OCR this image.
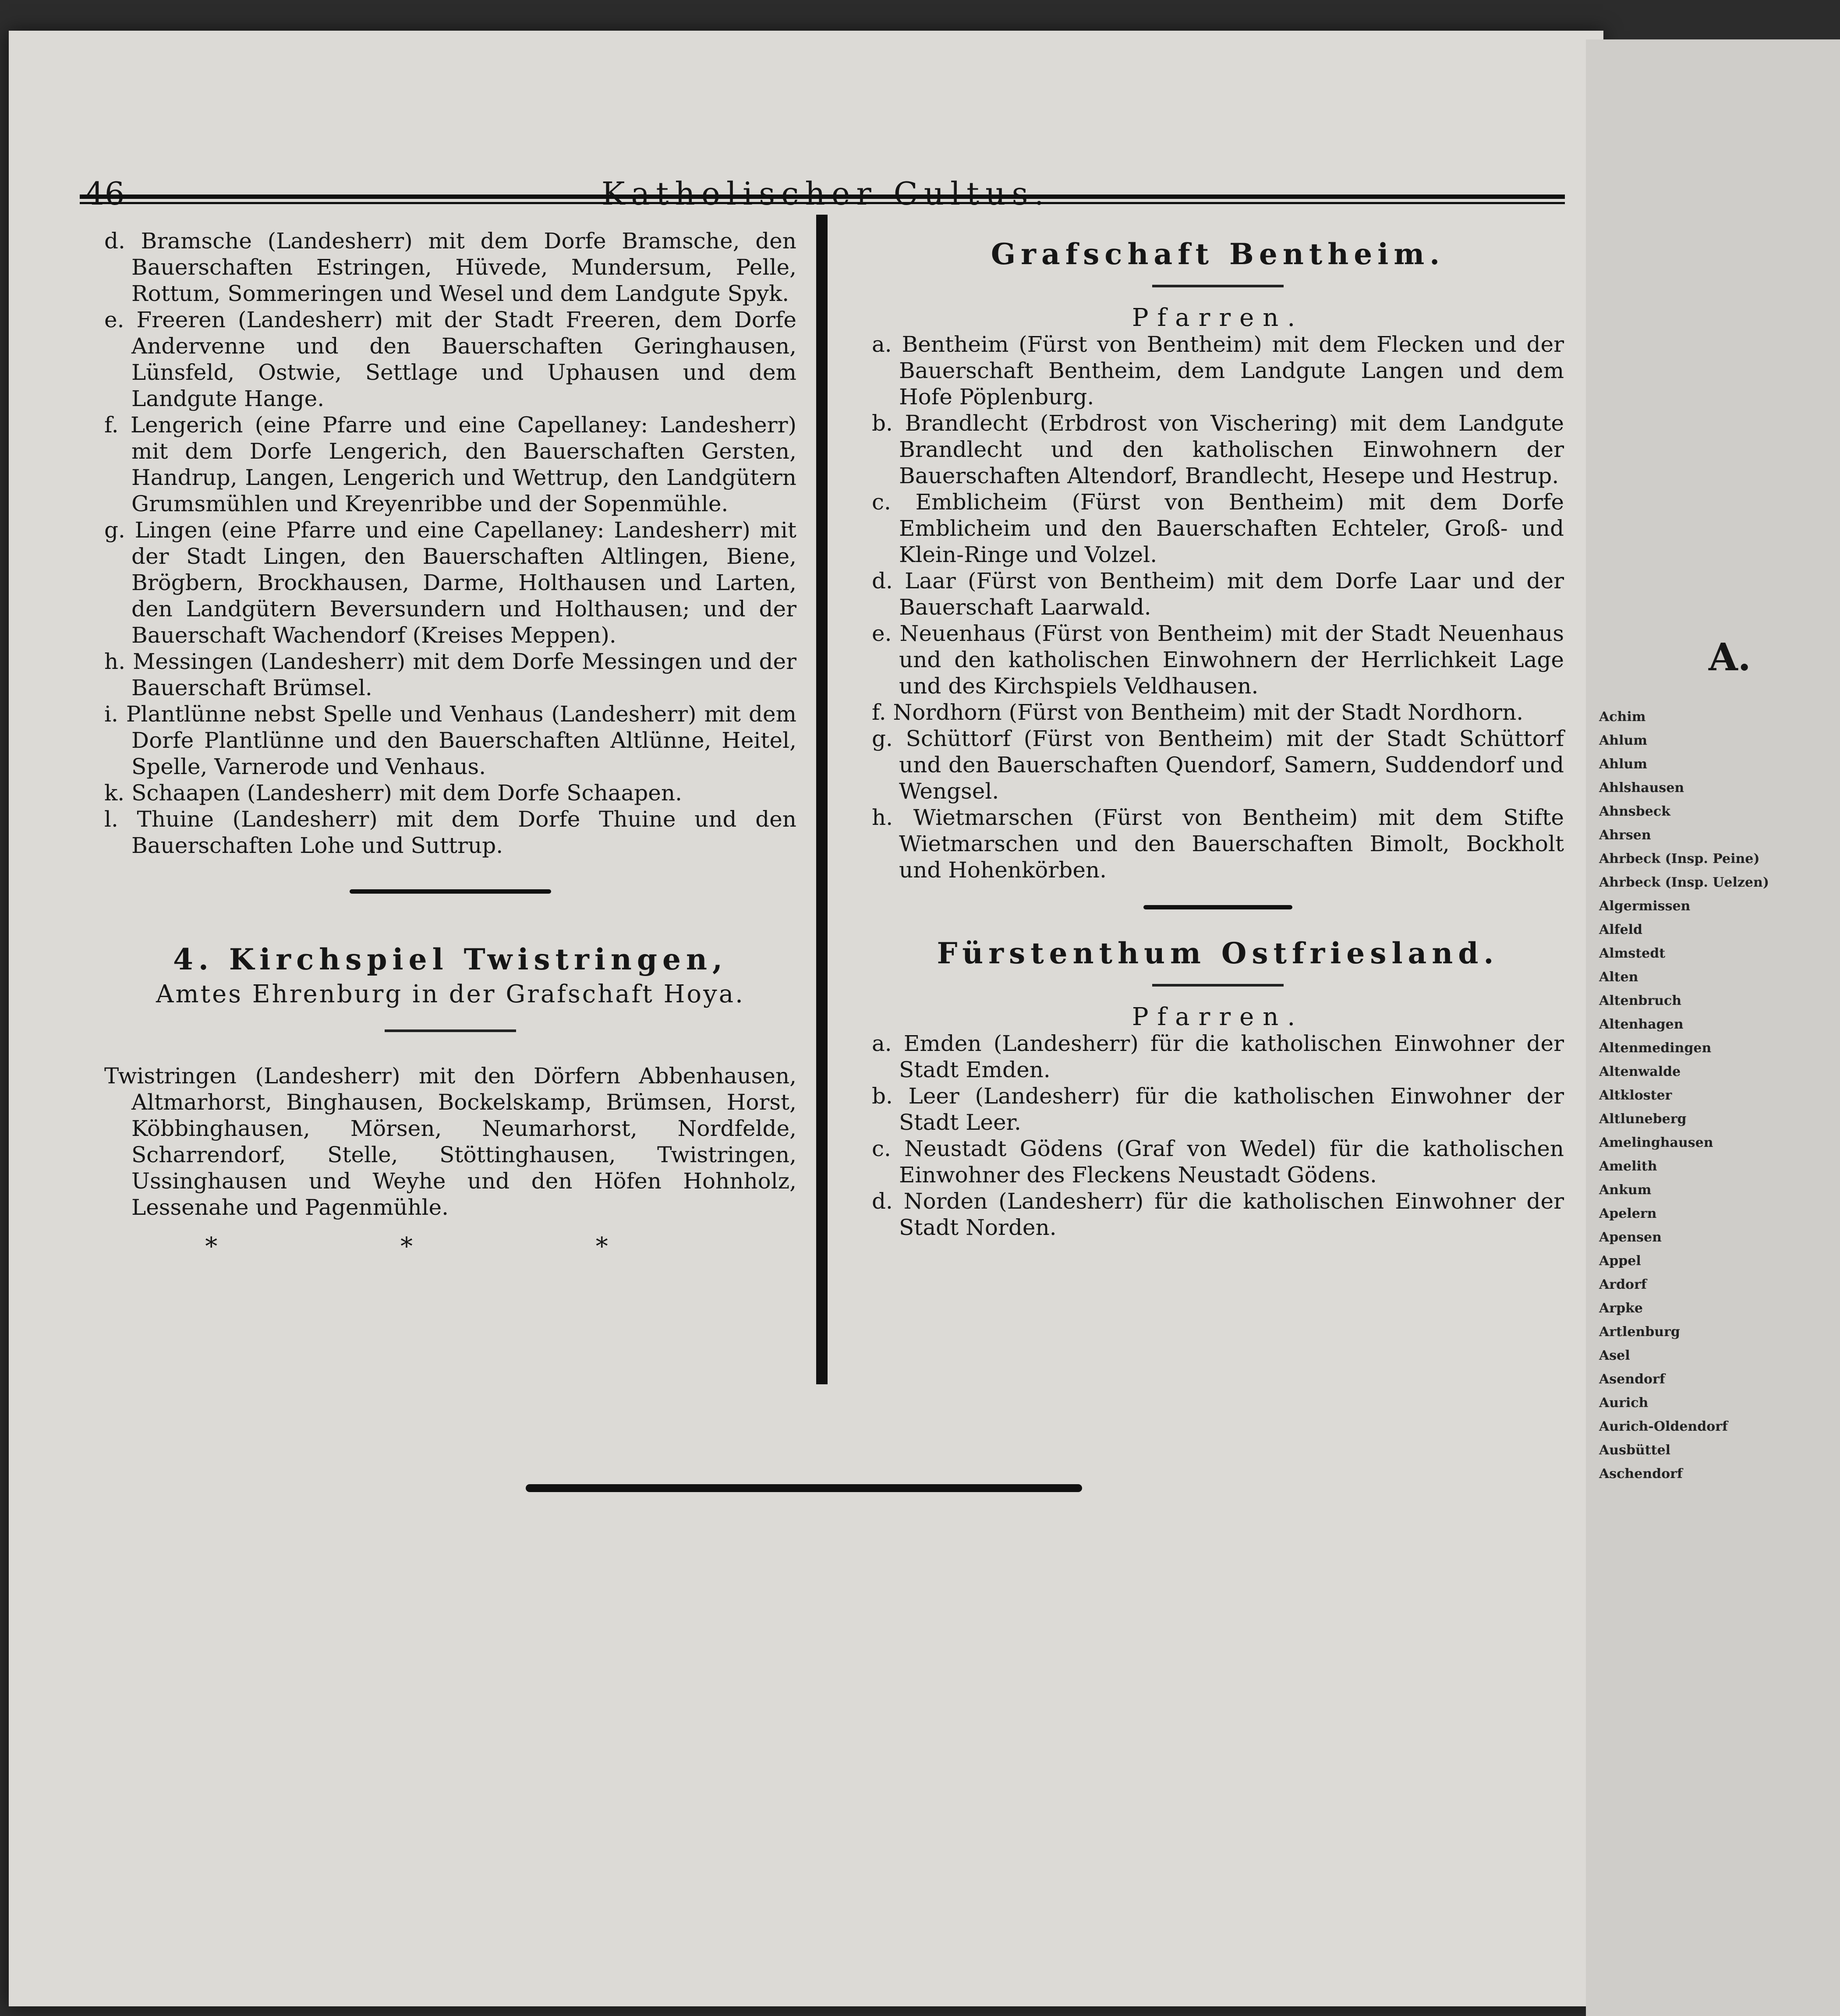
46	Katholischer Cultus.

d. Bramsche (Landesherr) mit dem Dorfe Bramsche, den Bauerschaften Estringen, Hüvede, Mundersum, Pelle, Rottum, Sommeringen und Wesel und dem Landgute Spyk.

e. Freeren (Landesherr) mit der Stadt Freeren, dem Dorfe Andervenne und den Bauerschaften Geringhausen, Lünsfeld, Ostwie, Settlage und Uphausen und dem Landgute Hange.

f. Lengerich (eine Pfarre und eine Capellaney: Landesherr) mit dem Dorfe Lengerich, den Bauerschaften Gersten, Handrup, Langen, Lengerich und Wettrup, den Landgütern Grumsmühlen und Kreyenribbe und der Sopenmühle.

g. Lingen (eine Pfarre und eine Capellaney: Landesherr) mit der Stadt Lingen, den Bauerschaften Altlingen, Biene, Brögbern, Brockhausen, Darme, Holthausen und Larten, den Landgütern Beversundern und Holthausen; und der Bauerschaft Wachendorf (Kreises Meppen).

h. Messingen (Landesherr) mit dem Dorfe Messingen und der Bauerschaft Brümsel.

i. Plantlünne nebst Spelle und Venhaus (Landesherr) mit dem Dorfe Plantlünne und den Bauerschaften Altlünne, Heitel, Spelle, Varnerode und Venhaus.

k. Schaapen (Landesherr) mit dem Dorfe Schaapen.

l. Thuine (Landesherr) mit dem Dorfe Thuine und den Bauerschaften Lohe und Suttrup.

4. Kirchspiel Twistringen,

Amtes Ehrenburg in der Grafschaft Hoya.

Twistringen (Landesherr) mit den Dörfern Abbenhausen, Altmarhorst, Binghausen, Bockelskamp, Brümsen, Horst, Köbbinghausen, Mörsen, Neumarhorst, Nordfelde, Scharrendorf, Stelle, Stöttinghausen, Twistringen, Ussinghausen und Weyhe und den Höfen Hohnholz, Lessenahe und Pagenmühle.

* * *

Grafschaft Bentheim.

Pfarren.

a. Bentheim (Fürst von Bentheim) mit dem Flecken und der Bauerschaft Bentheim, dem Landgute Langen und dem Hofe Pöplenburg.

b. Brandlecht (Erbdrost von Vischering) mit dem Landgute Brandlecht und den katholischen Einwohnern der Bauerschaften Altendorf, Brandlecht, Hesepe und Hestrup.

c. Emblicheim (Fürst von Bentheim) mit dem Dorfe Emblicheim und den Bauerschaften Echteler, Groß- und Klein-Ringe und Volzel.

d. Laar (Fürst von Bentheim) mit dem Dorfe Laar und der Bauerschaft Laarwald.

e. Neuenhaus (Fürst von Bentheim) mit der Stadt Neuenhaus und den katholischen Einwohnern der Herrlichkeit Lage und des Kirchspiels Veldhausen.

f. Nordhorn (Fürst von Bentheim) mit der Stadt Nordhorn.

g. Schüttorf (Fürst von Bentheim) mit der Stadt Schüttorf und den Bauerschaften Quendorf, Samern, Suddendorf und Wengsel.

h. Wietmarschen (Fürst von Bentheim) mit dem Stifte Wietmarschen und den Bauerschaften Bimolt, Bockholt und Hohenkörben.

Fürstenthum Ostfriesland.

Pfarren.

a. Emden (Landesherr) für die katholischen Einwohner der Stadt Emden.

b. Leer (Landesherr) für die katholischen Einwohner der Stadt Leer.

c. Neustadt Gödens (Graf von Wedel) für die katholischen Einwohner des Fleckens Neustadt Gödens.

d. Norden (Landesherr) für die katholischen Einwohner der Stadt Norden.

A.
Achim
Ahlum
Ahlum
Ahlshausen
Ahnsbeck
Ahrsen
Ahrbeck (Insp. Peine)
Ahrbeck (Insp. Uelzen)
Algermissen
Alfeld
Almstedt
Alten
Altenbruch
Altenhagen
Altenmedingen
Altenwalde
Altkloster
Altluneberg
Amelinghausen
Amelith
Ankum
Apelern
Apensen
Appel
Ardorf
Arpke
Artlenburg
Asel
Asendorf
Aurich
Aurich-Oldendorf
Ausbüttel
Aschendorf
